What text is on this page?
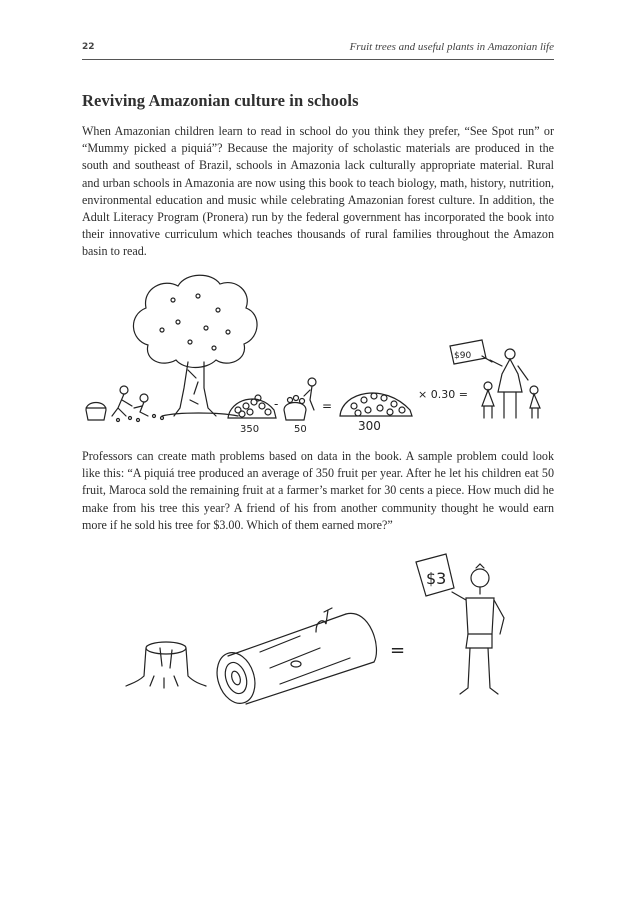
22	Fruit trees and useful plants in Amazonian life
Reviving Amazonian culture in schools

When Amazonian children learn to read in school do you think they prefer, “See Spot run” or “Mummy picked a piquiá”? Because the majority of scholastic materials are produced in the south and southeast of Brazil, schools in Amazonia lack culturally appropriate material. Rural and urban schools in Amazonia are now using this book to teach biology, math, history, nutrition, environmental education and music while celebrating Amazonian forest culture. In addition, the Adult Literacy Program (Pronera) run by the federal government has incorporated the book into their innovative curriculum which teaches thousands of rural families throughout the Amazon basin to read.

350
-
50
=
300
× 0.30 =
$90

Professors can create math problems based on data in the book. A sample problem could look like this: “A piquiá tree produced an average of 350 fruit per year. After he let his children eat 50 fruit, Maroca sold the remaining fruit at a farmer’s market for 30 cents a piece. How much did he make from his tree this year? A friend of his from another community thought he would earn more if he sold his tree for $3.00. Which of them earned more?”

=
$3
